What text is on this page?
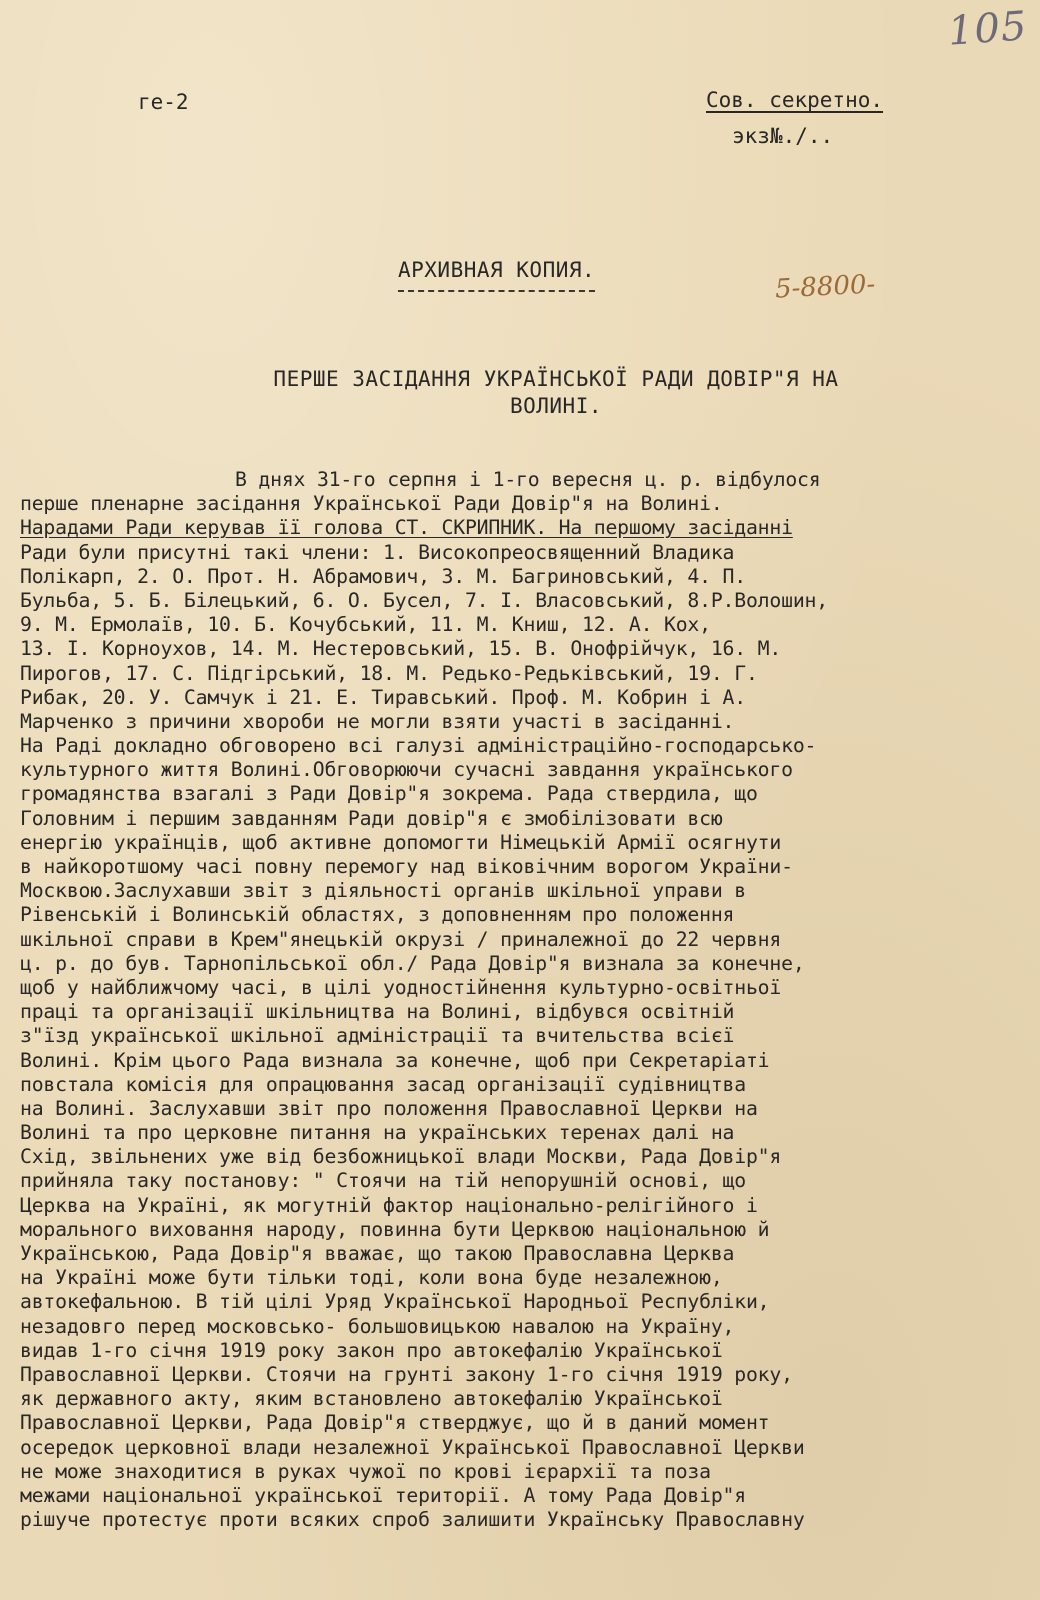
105
ге-2	Сов. секретно.
экз№./..
АРХИВНАЯ КОПИЯ.	5-8800-
ПЕРШЕ ЗАСІДАННЯ УКРАЇНСЬКОЇ РАДИ ДОВІР"Я НА
ВОЛИНІ.
В днях 31-го серпня і 1-го вересня ц. р. відбулося
перше пленарне засідання Української Ради Довір"я на Волині.
Нарадами Ради керував її голова СТ. СКРИПНИК. На першому засіданні
Ради були присутні такі члени: 1. Високопреосвященний Владика
Полікарп, 2. О. Прот. Н. Абрамович, 3. М. Багриновський, 4. П.
Бульба, 5. Б. Білецький, 6. О. Бусел, 7. І. Власовський, 8.Р.Волошин,
9. М. Ермолаїв, 10. Б. Кочубський, 11. М. Книш, 12. А. Кох,
13. І. Корноухов, 14. М. Нестеровський, 15. В. Онофрійчук, 16. М.
Пирогов, 17. С. Підгірський, 18. М. Редько-Редьківський, 19. Г.
Рибак, 20. У. Самчук і 21. Е. Тиравський. Проф. М. Кобрин і А.
Марченко з причини хвороби не могли взяти участі в засіданні.
На Раді докладно обговорено всі галузі адміністраційно-господарсько-
культурного життя Волині.Обговорюючи сучасні завдання українського
громадянства взагалі з Ради Довір"я зокрема. Рада ствердила, що
Головним і першим завданням Ради довір"я є змобілізовати всю
енергію українців, щоб активне допомогти Німецькій Армії осягнути
в найкоротшому часі повну перемогу над віковічним ворогом України-
Москвою.Заслухавши звіт з діяльності органів шкільної управи в
Рівенській і Волинській областях, з доповненням про положення
шкільної справи в Крем"янецькій окрузі / приналежної до 22 червня
ц. р. до був. Тарнопільської обл./ Рада Довір"я визнала за конечне,
щоб у найближчому часі, в цілі уодностійнення культурно-освітньої
праці та організації шкільництва на Волині, відбувся освітній
з"їзд української шкільної адміністрації та вчительства всієї
Волині. Крім цього Рада визнала за конечне, щоб при Секретаріаті
повстала комісія для опрацювання засад організації судівництва
на Волині. Заслухавши звіт про положення Православної Церкви на
Волині та про церковне питання на українських теренах далі на
Схід, звільнених уже від безбожницької влади Москви, Рада Довір"я
прийняла таку постанову: " Стоячи на тій непорушній основі, що
Церква на Україні, як могутній фактор національно-релігійного і
морального виховання народу, повинна бути Церквою національною й
Українською, Рада Довір"я вважає, що такою Православна Церква
на Україні може бути тільки тоді, коли вона буде незалежною,
автокефальною. В тій цілі Уряд Української Народньої Республіки,
незадовго перед московсько- большовицькою навалою на Україну,
видав 1-го січня 1919 року закон про автокефалію Української
Православної Церкви. Стоячи на грунті закону 1-го січня 1919 року,
як державного акту, яким встановлено автокефалію Української
Православної Церкви, Рада Довір"я стверджує, що й в даний момент
осередок церковної влади незалежної Української Православної Церкви
не може знаходитися в руках чужої по крові ієрархії та поза
межами національної української території. А тому Рада Довір"я
рішуче протестує проти всяких спроб залишити Українську Православну
